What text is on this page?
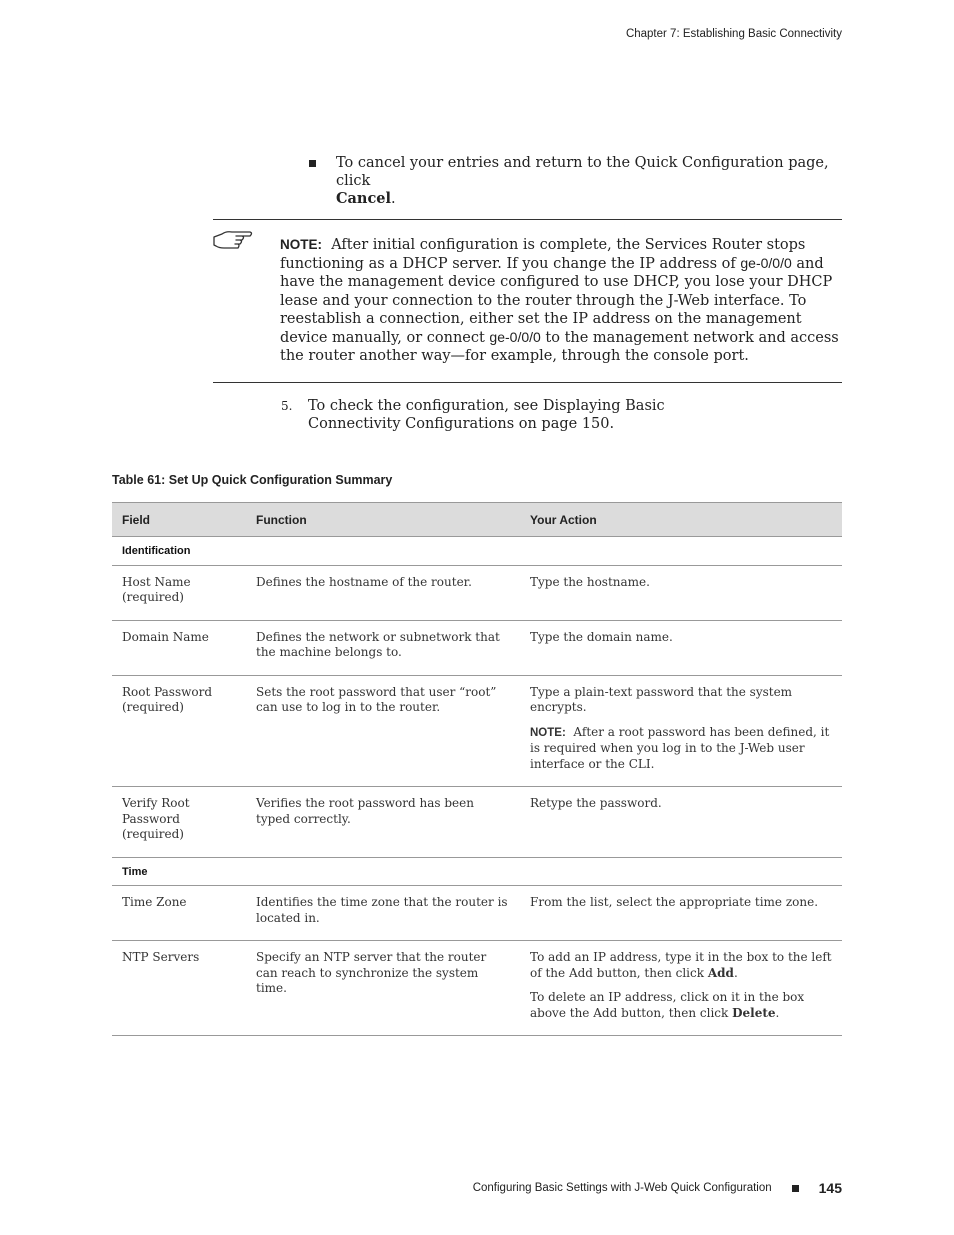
Chapter 7: Establishing Basic Connectivity
To cancel your entries and return to the Quick Configuration page, click
Cancel.
NOTE: After initial configuration is complete, the Services Router stops functioning as a DHCP server. If you change the IP address of ge-0/0/0 and have the management device configured to use DHCP, you lose your DHCP lease and your connection to the router through the J-Web interface. To reestablish a connection, either set the IP address on the management device manually, or connect ge-0/0/0 to the management network and access the router another way—for example, through the console port.
5. To check the configuration, see Displaying Basic Connectivity Configurations on page 150.
Table 61: Set Up Quick Configuration Summary
Field	Function	Your Action
Identification		
Host Name (required)	Defines the hostname of the router.	Type the hostname.
Domain Name	Defines the network or subnetwork that the machine belongs to.	Type the domain name.
Root Password (required)	Sets the root password that user “root” can use to log in to the router.	Type a plain-text password that the system encrypts.

NOTE: After a root password has been defined, it is required when you log in to the J-Web user interface or the CLI.

Verify Root Password (required)	Verifies the root password has been typed correctly.	Retype the password.
Time		
Time Zone	Identifies the time zone that the router is located in.	From the list, select the appropriate time zone.
NTP Servers	Specify an NTP server that the router can reach to synchronize the system time.	To add an IP address, type it in the box to the left of the Add button, then click Add.

To delete an IP address, click on it in the box above the Add button, then click Delete.

Configuring Basic Settings with J-Web Quick Configuration	145
